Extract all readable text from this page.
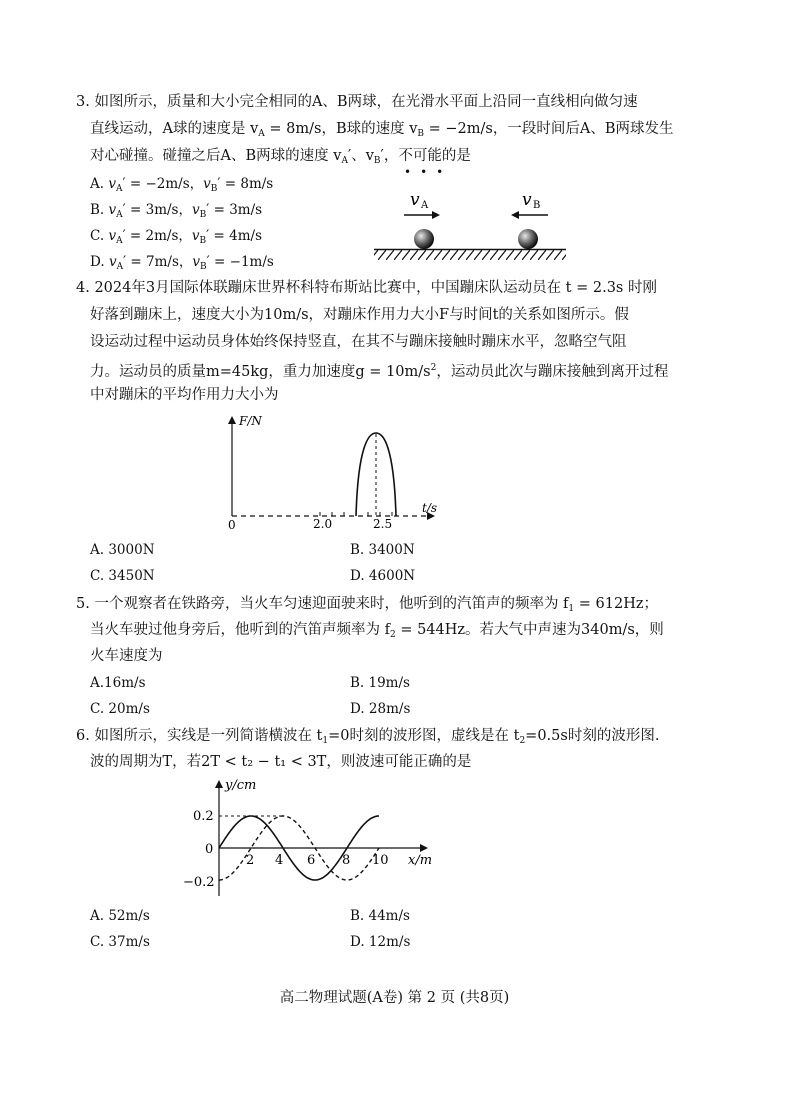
3. 如图所示，质量和大小完全相同的A、B两球，在光滑水平面上沿同一直线相向做匀速
直线运动，A球的速度是 $v_A = 8m/s$，B球的速度 $v_B = -2m/s$，一段时间后A、B两球发生
对心碰撞。碰撞之后A、B两球的速度 $v_A'$、$v_B'$，不可能的是
•••
A. $v_A' = -2m/s$，$v_B' = 8m/s$
B. $v_A' = 3m/s$，$v_B' = 3m/s$
C. $v_A' = 2m/s$，$v_B' = 4m/s$
D. $v_A' = 7m/s$，$v_B' = -1m/s$
v A	v B
4. 2024年3月国际体联蹦床世界杯科特布斯站比赛中，中国蹦床队运动员在 t = 2.3s 时刚
好落到蹦床上，速度大小为10m/s，对蹦床作用力大小F与时间t的关系如图所示。假
设运动过程中运动员身体始终保持竖直，在其不与蹦床接触时蹦床水平，忽略空气阻
力。运动员的质量m=45kg，重力加速度$g = 10m/s^2$，运动员此次与蹦床接触到离开过程
中对蹦床的平均作用力大小为
F/N
t/s
0	2.0	2.5
A. 3000N	B. 3400N
C. 3450N	D. 4600N
5. 一个观察者在铁路旁，当火车匀速迎面驶来时，他听到的汽笛声的频率为 $f_1 = 612Hz$；
当火车驶过他身旁后，他听到的汽笛声频率为 $f_2 = 544Hz$。若大气中声速为340m/s，则
火车速度为
A.16m/s	B. 19m/s
C. 20m/s	D. 28m/s
6. 如图所示，实线是一列简谐横波在 $t_1=0$时刻的波形图，虚线是在 $t_2=0.5s$时刻的波形图.
波的周期为T，若2T < t₂ − t₁ < 3T，则波速可能正确的是
y/cm
x/m
0.2
0
−0.2
2 4 6 8 10
A. 52m/s	B. 44m/s
C. 37m/s	D. 12m/s
高二物理试题(A卷) 第 2 页 (共8页)
